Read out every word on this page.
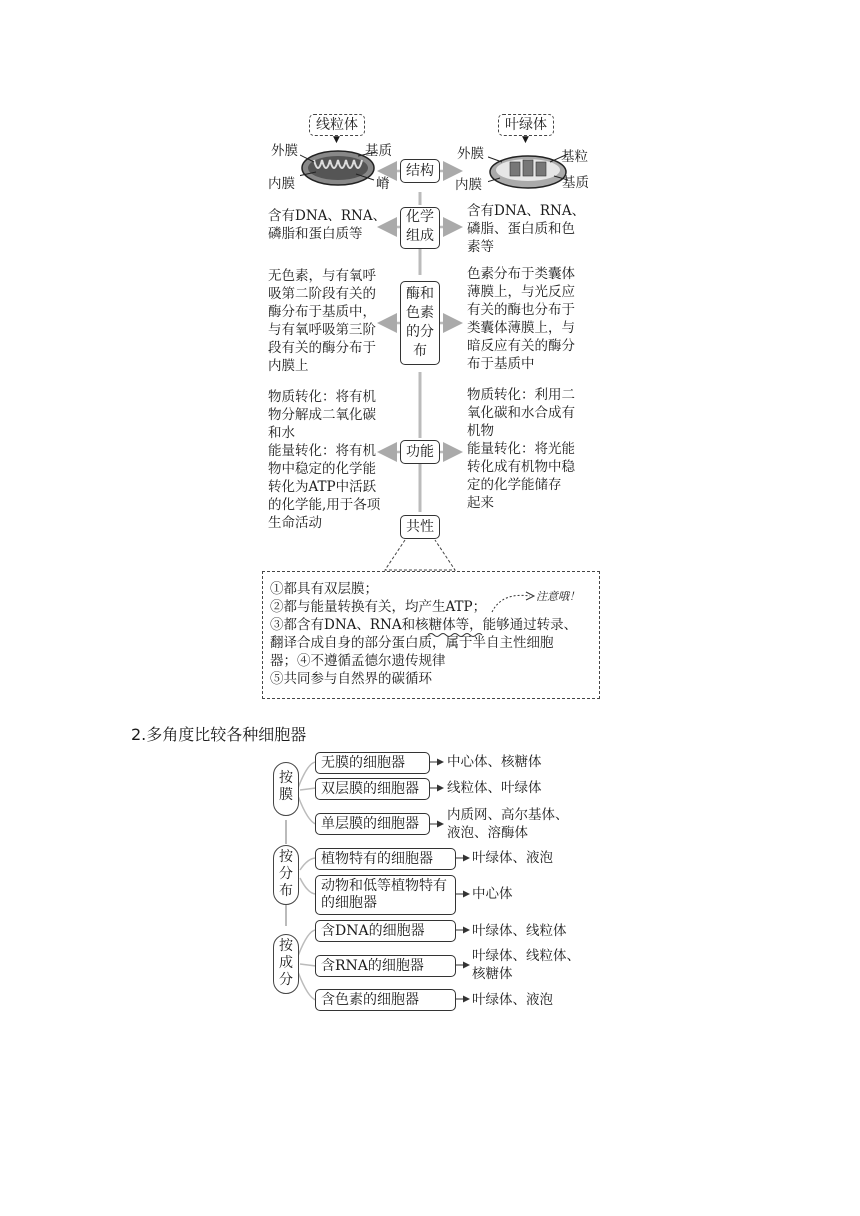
线粒体	叶绿体
▼	▼
外膜
内膜
基质
嵴
外膜
内膜
基粒
基质
结构
化学
组成
酶和
色素
的分
布
功能
共性
含有DNA、RNA、
磷脂和蛋白质等
无色素，与有氧呼
吸第二阶段有关的
酶分布于基质中，
与有氧呼吸第三阶
段有关的酶分布于
内膜上
物质转化：将有机
物分解成二氧化碳
和水
能量转化：将有机
物中稳定的化学能
转化为ATP中活跃
的化学能,用于各项
生命活动
含有DNA、RNA、
磷脂、蛋白质和色
素等
色素分布于类囊体
薄膜上，与光反应
有关的酶也分布于
类囊体薄膜上，与
暗反应有关的酶分
布于基质中
物质转化：利用二
氧化碳和水合成有
机物
能量转化：将光能
转化成有机物中稳
定的化学能储存
起来
①都具有双层膜；
②都与能量转换有关，均产生ATP；
③都含有DNA、RNA和核糖体等，能够通过转录、
翻译合成自身的部分蛋白质，属于半自主性细胞
器；④不遵循孟德尔遗传规律
⑤共同参与自然界的碳循环
注意哦！
2.多角度比较各种细胞器
按
膜
按
分
布
按
成
分
无膜的细胞器	中心体、核糖体
双层膜的细胞器	线粒体、叶绿体
单层膜的细胞器
内质网、高尔基体、
液泡、溶酶体
植物特有的细胞器	叶绿体、液泡
动物和低等植物特有
的细胞器
中心体
含DNA的细胞器	叶绿体、线粒体
含RNA的细胞器
叶绿体、线粒体、
核糖体
含色素的细胞器	叶绿体、液泡
